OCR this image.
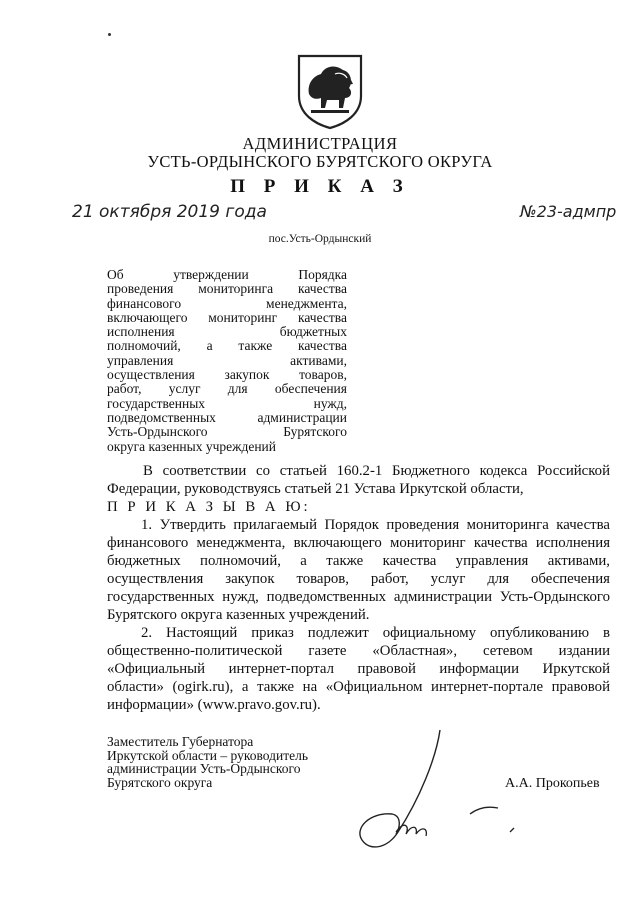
АДМИНИСТРАЦИЯ
УСТЬ-ОРДЫНСКОГО БУРЯТСКОГО ОКРУГА
П Р И К А З
21 октября 2019 года	№23-адмпр
пос.Усть-Ордынский
Об утверждении Порядка
проведения мониторинга качества
финансового менеджмента,
включающего мониторинг качества
исполнения бюджетных
полномочий, а также качества
управления активами,
осуществления закупок товаров,
работ, услуг для обеспечения
государственных нужд,
подведомственных администрации
Усть-Ордынского Бурятского
округа казенных учреждений
В соответствии со статьей 160.2-1 Бюджетного кодекса Российской
Федерации, руководствуясь статьей 21 Устава Иркутской области,
П Р И К А З Ы В А Ю:
1. Утвердить прилагаемый Порядок проведения мониторинга качества
финансового менеджмента, включающего мониторинг качества исполнения
бюджетных полномочий, а также качества управления активами,
осуществления закупок товаров, работ, услуг для обеспечения
государственных нужд, подведомственных администрации Усть-Ордынского
Бурятского округа казенных учреждений.
2. Настоящий приказ подлежит официальному опубликованию в
общественно-политической газете «Областная», сетевом издании
«Официальный интернет-портал правовой информации Иркутской
области» (ogirk.ru), а также на «Официальном интернет-портале правовой
информации» (www.pravo.gov.ru).
Заместитель Губернатора
Иркутской области – руководитель
администрации Усть-Ордынского
Бурятского округа	А.А. Прокопьев
